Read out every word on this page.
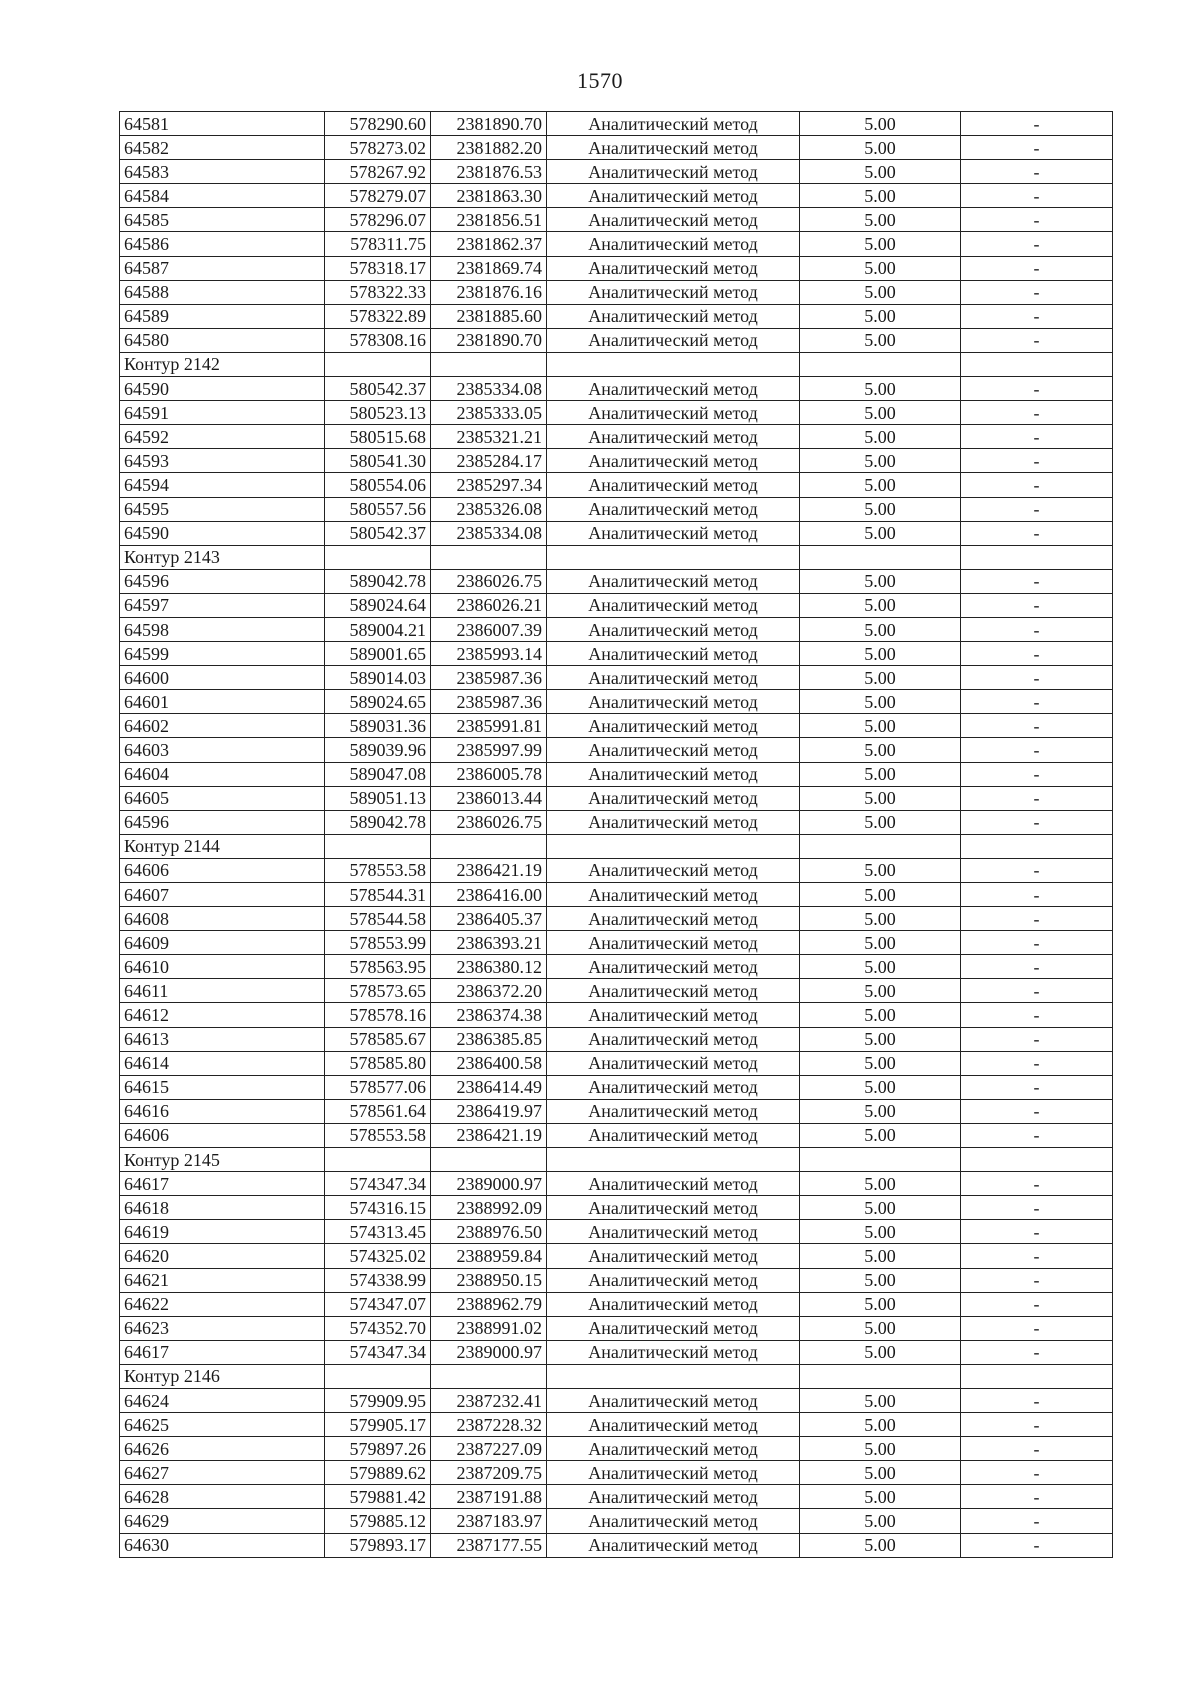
1570
64581	578290.60	2381890.70	Аналитический метод	5.00	-
64582	578273.02	2381882.20	Аналитический метод	5.00	-
64583	578267.92	2381876.53	Аналитический метод	5.00	-
64584	578279.07	2381863.30	Аналитический метод	5.00	-
64585	578296.07	2381856.51	Аналитический метод	5.00	-
64586	578311.75	2381862.37	Аналитический метод	5.00	-
64587	578318.17	2381869.74	Аналитический метод	5.00	-
64588	578322.33	2381876.16	Аналитический метод	5.00	-
64589	578322.89	2381885.60	Аналитический метод	5.00	-
64580	578308.16	2381890.70	Аналитический метод	5.00	-
Контур 2142					
64590	580542.37	2385334.08	Аналитический метод	5.00	-
64591	580523.13	2385333.05	Аналитический метод	5.00	-
64592	580515.68	2385321.21	Аналитический метод	5.00	-
64593	580541.30	2385284.17	Аналитический метод	5.00	-
64594	580554.06	2385297.34	Аналитический метод	5.00	-
64595	580557.56	2385326.08	Аналитический метод	5.00	-
64590	580542.37	2385334.08	Аналитический метод	5.00	-
Контур 2143					
64596	589042.78	2386026.75	Аналитический метод	5.00	-
64597	589024.64	2386026.21	Аналитический метод	5.00	-
64598	589004.21	2386007.39	Аналитический метод	5.00	-
64599	589001.65	2385993.14	Аналитический метод	5.00	-
64600	589014.03	2385987.36	Аналитический метод	5.00	-
64601	589024.65	2385987.36	Аналитический метод	5.00	-
64602	589031.36	2385991.81	Аналитический метод	5.00	-
64603	589039.96	2385997.99	Аналитический метод	5.00	-
64604	589047.08	2386005.78	Аналитический метод	5.00	-
64605	589051.13	2386013.44	Аналитический метод	5.00	-
64596	589042.78	2386026.75	Аналитический метод	5.00	-
Контур 2144					
64606	578553.58	2386421.19	Аналитический метод	5.00	-
64607	578544.31	2386416.00	Аналитический метод	5.00	-
64608	578544.58	2386405.37	Аналитический метод	5.00	-
64609	578553.99	2386393.21	Аналитический метод	5.00	-
64610	578563.95	2386380.12	Аналитический метод	5.00	-
64611	578573.65	2386372.20	Аналитический метод	5.00	-
64612	578578.16	2386374.38	Аналитический метод	5.00	-
64613	578585.67	2386385.85	Аналитический метод	5.00	-
64614	578585.80	2386400.58	Аналитический метод	5.00	-
64615	578577.06	2386414.49	Аналитический метод	5.00	-
64616	578561.64	2386419.97	Аналитический метод	5.00	-
64606	578553.58	2386421.19	Аналитический метод	5.00	-
Контур 2145					
64617	574347.34	2389000.97	Аналитический метод	5.00	-
64618	574316.15	2388992.09	Аналитический метод	5.00	-
64619	574313.45	2388976.50	Аналитический метод	5.00	-
64620	574325.02	2388959.84	Аналитический метод	5.00	-
64621	574338.99	2388950.15	Аналитический метод	5.00	-
64622	574347.07	2388962.79	Аналитический метод	5.00	-
64623	574352.70	2388991.02	Аналитический метод	5.00	-
64617	574347.34	2389000.97	Аналитический метод	5.00	-
Контур 2146					
64624	579909.95	2387232.41	Аналитический метод	5.00	-
64625	579905.17	2387228.32	Аналитический метод	5.00	-
64626	579897.26	2387227.09	Аналитический метод	5.00	-
64627	579889.62	2387209.75	Аналитический метод	5.00	-
64628	579881.42	2387191.88	Аналитический метод	5.00	-
64629	579885.12	2387183.97	Аналитический метод	5.00	-
64630	579893.17	2387177.55	Аналитический метод	5.00	-
